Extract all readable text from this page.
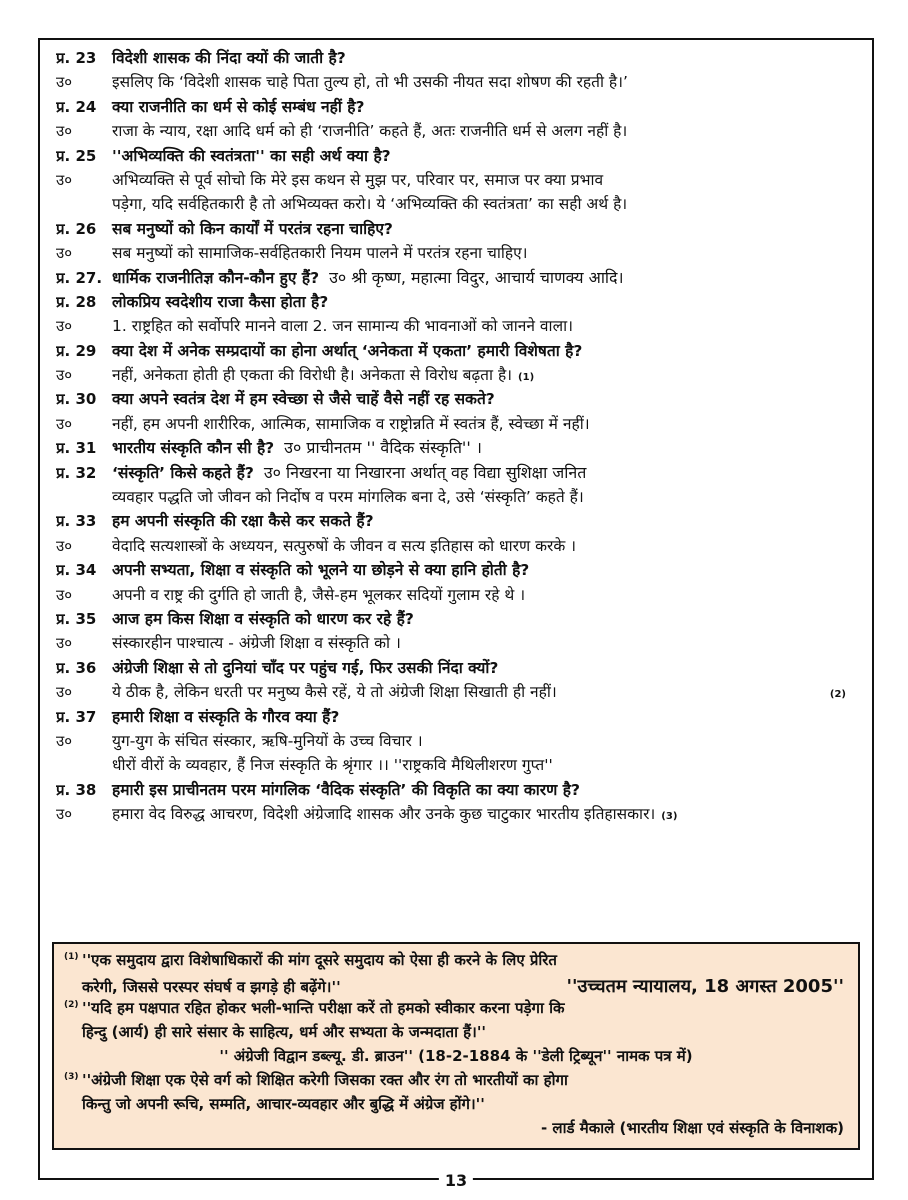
प्र. 23	विदेशी शासक की निंदा क्यों की जाती है?
उ०	इसलिए कि ‘विदेशी शासक चाहे पिता तुल्य हो, तो भी उसकी नीयत सदा शोषण की रहती है।’
प्र. 24	क्या राजनीति का धर्म से कोई सम्बंध नहीं है?
उ०	राजा के न्याय, रक्षा आदि धर्म को ही ‘राजनीति’ कहते हैं, अतः राजनीति धर्म से अलग नहीं है।
प्र. 25	''अभिव्यक्ति की स्वतंत्रता'' का सही अर्थ क्या है?
उ०	अभिव्यक्ति से पूर्व सोचो कि मेरे इस कथन से मुझ पर, परिवार पर, समाज पर क्या प्रभाव
पड़ेगा, यदि सर्वहितकारी है तो अभिव्यक्त करो। ये ‘अभिव्यक्ति की स्वतंत्रता’ का सही अर्थ है।
प्र. 26	सब मनुष्यों को किन कार्यों में परतंत्र रहना चाहिए?
उ०	सब मनुष्यों को सामाजिक-सर्वहितकारी नियम पालने में परतंत्र रहना चाहिए।
प्र. 27. धार्मिक राजनीतिज्ञ कौन-कौन हुए हैं? उ० श्री कृष्ण, महात्मा विदुर, आचार्य चाणक्य आदि।
प्र. 28	लोकप्रिय स्वदेशीय राजा कैसा होता है?
उ०	1. राष्ट्रहित को सर्वोपरि मानने वाला 2. जन सामान्य की भावनाओं को जानने वाला।
प्र. 29	क्या देश में अनेक सम्प्रदायों का होना अर्थात् ‘अनेकता में एकता’ हमारी विशेषता है?
उ०	नहीं, अनेकता होती ही एकता की विरोधी है। अनेकता से विरोध बढ़ता है। (1)
प्र. 30	क्या अपने स्वतंत्र देश में हम स्वेच्छा से जैसे चाहें वैसे नहीं रह सकते?
उ०	नहीं, हम अपनी शारीरिक, आत्मिक, सामाजिक व राष्ट्रोन्नति में स्वतंत्र हैं, स्वेच्छा में नहीं।
प्र. 31	भारतीय संस्कृति कौन सी है? उ० प्राचीनतम '' वैदिक संस्कृति'' ।
प्र. 32	‘संस्कृति’ किसे कहते हैं? उ० निखरना या निखारना अर्थात् वह विद्या सुशिक्षा जनित
व्यवहार पद्धति जो जीवन को निर्दोष व परम मांगलिक बना दे, उसे ‘संस्कृति’ कहते हैं।
प्र. 33	हम अपनी संस्कृति की रक्षा कैसे कर सकते हैं?
उ०	वेदादि सत्यशास्त्रों के अध्ययन, सत्पुरुषों के जीवन व सत्य इतिहास को धारण करके ।
प्र. 34	अपनी सभ्यता, शिक्षा व संस्कृति को भूलने या छोड़ने से क्या हानि होती है?
उ०	अपनी व राष्ट्र की दुर्गति हो जाती है, जैसे-हम भूलकर सदियों गुलाम रहे थे ।
प्र. 35	आज हम किस शिक्षा व संस्कृति को धारण कर रहे हैं?
उ०	संस्कारहीन पाश्चात्य - अंग्रेजी शिक्षा व संस्कृति को ।
प्र. 36	अंग्रेजी शिक्षा से तो दुनियां चाँद पर पहुंच गई, फिर उसकी निंदा क्यों?
उ०	ये ठीक है, लेकिन धरती पर मनुष्य कैसे रहें, ये तो अंग्रेजी शिक्षा सिखाती ही नहीं।	(2)
प्र. 37	हमारी शिक्षा व संस्कृति के गौरव क्या हैं?
उ०	युग-युग के संचित संस्कार, ऋषि-मुनियों के उच्च विचार ।
धीरों वीरों के व्यवहार, हैं निज संस्कृति के श्रृंगार ।। ''राष्ट्रकवि मैथिलीशरण गुप्त''
प्र. 38	हमारी इस प्राचीनतम परम मांगलिक ‘वैदिक संस्कृति’ की विकृति का क्या कारण है?
उ०	हमारा वेद विरुद्ध आचरण, विदेशी अंग्रेजादि शासक और उनके कुछ चाटुकार भारतीय इतिहासकार। (3)
(1) ''एक समुदाय द्वारा विशेषाधिकारों की मांग दूसरे समुदाय को ऐसा ही करने के लिए प्रेरित
करेगी, जिससे परस्पर संघर्ष व झगड़े ही बढ़ेंगे।''	''उच्चतम न्यायालय, 18 अगस्त 2005''
(2) ''यदि हम पक्षपात रहित होकर भली-भान्ति परीक्षा करें तो हमको स्वीकार करना पड़ेगा कि
हिन्दु (आर्य) ही सारे संसार के साहित्य, धर्म और सभ्यता के जन्मदाता हैं।''
'' अंग्रेजी विद्वान डब्ल्यू. डी. ब्राउन'' (18-2-1884 के ''डेली ट्रिब्यून'' नामक पत्र में)
(3) ''अंग्रेजी शिक्षा एक ऐसे वर्ग को शिक्षित करेगी जिसका रक्त और रंग तो भारतीयों का होगा
किन्तु जो अपनी रूचि, सम्मति, आचार-व्यवहार और बुद्धि में अंग्रेज होंगे।''
- लार्ड मैकाले (भारतीय शिक्षा एवं संस्कृति के विनाशक)
13
